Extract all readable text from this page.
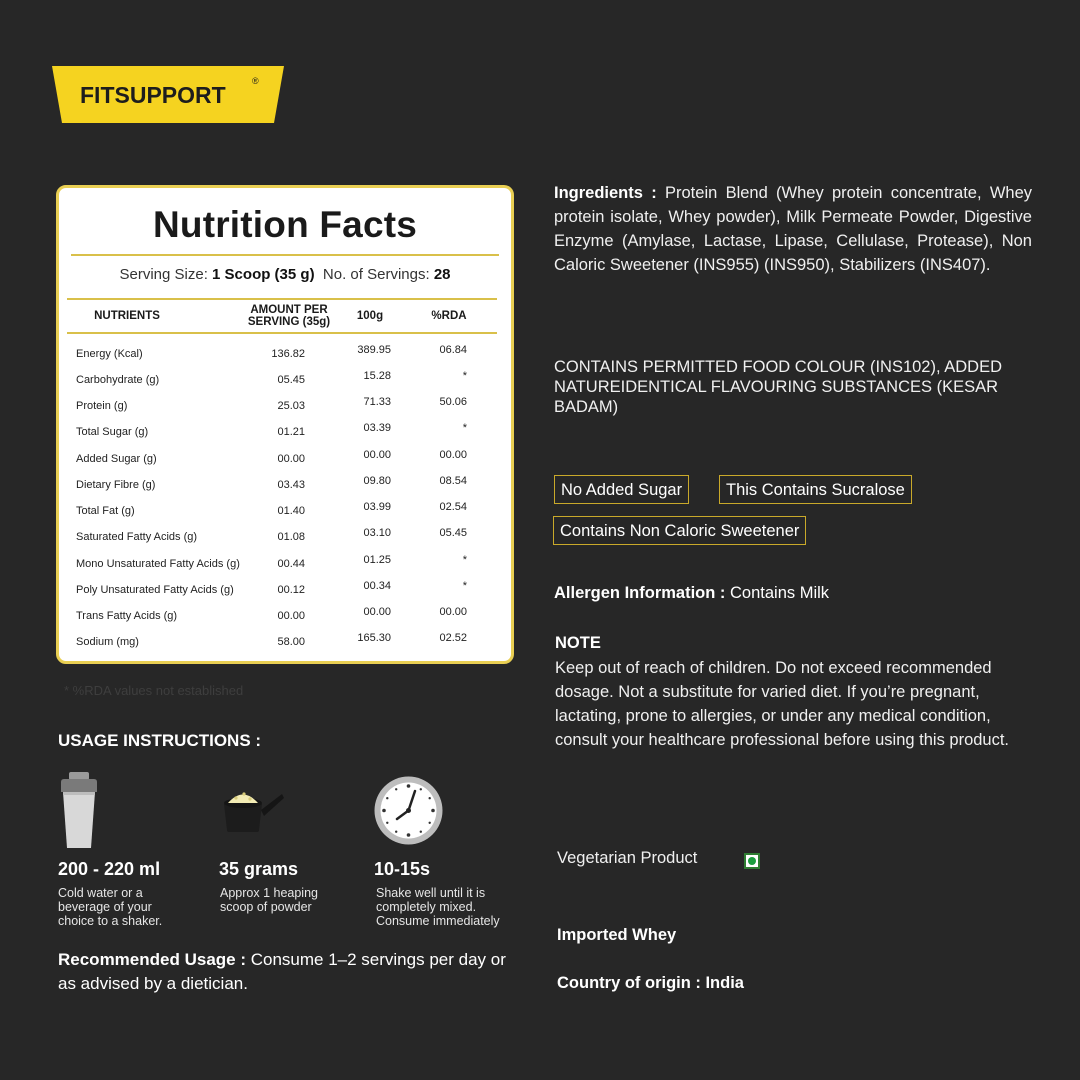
FITSUPPORT
®
Nutrition Facts
Serving Size: 1 Scoop (35 g) No. of Servings: 28
NUTRIENTS	AMOUNT PER SERVING (35g)	100g	%RDA
Energy (Kcal)	136.82	389.95	06.84
Carbohydrate (g)	05.45	15.28	*
Protein (g)	25.03	71.33	50.06
Total Sugar (g)	01.21	03.39	*
Added Sugar (g)	00.00	00.00	00.00
Dietary Fibre (g)	03.43	09.80	08.54
Total Fat (g)	01.40	03.99	02.54
Saturated Fatty Acids (g)	01.08	03.10	05.45
Mono Unsaturated Fatty Acids (g)	00.44	01.25	*
Poly Unsaturated Fatty Acids (g)	00.12	00.34	*
Trans Fatty Acids (g)	00.00	00.00	00.00
Sodium (mg)	58.00	165.30	02.52
* %RDA values not established
USAGE INSTRUCTIONS :
200 - 220 ml
Cold water or a
beverage of your
choice to a shaker.
35 grams
Approx 1 heaping
scoop of powder
10-15s
Shake well until it is
completely mixed.
Consume immediately
Recommended Usage : Consume 1–2 servings per day or as advised by a dietician.
Ingredients : Protein Blend (Whey protein concentrate, Whey protein isolate, Whey powder), Milk Permeate Powder, Digestive Enzyme (Amylase, Lactase, Lipase, Cellulase, Protease), Non Caloric Sweetener (INS955) (INS950), Stabilizers (INS407).
CONTAINS PERMITTED FOOD COLOUR (INS102), ADDED NATUREIDENTICAL FLAVOURING SUBSTANCES (KESAR BADAM)
No Added Sugar	This Contains Sucralose
Contains Non Caloric Sweetener
Allergen Information : Contains Milk
NOTE
Keep out of reach of children. Do not exceed recommended dosage. Not a substitute for varied diet. If you’re pregnant, lactating, prone to allergies, or under any medical condition, consult your healthcare professional before using this product.
Vegetarian Product
Imported Whey
Country of origin : India
